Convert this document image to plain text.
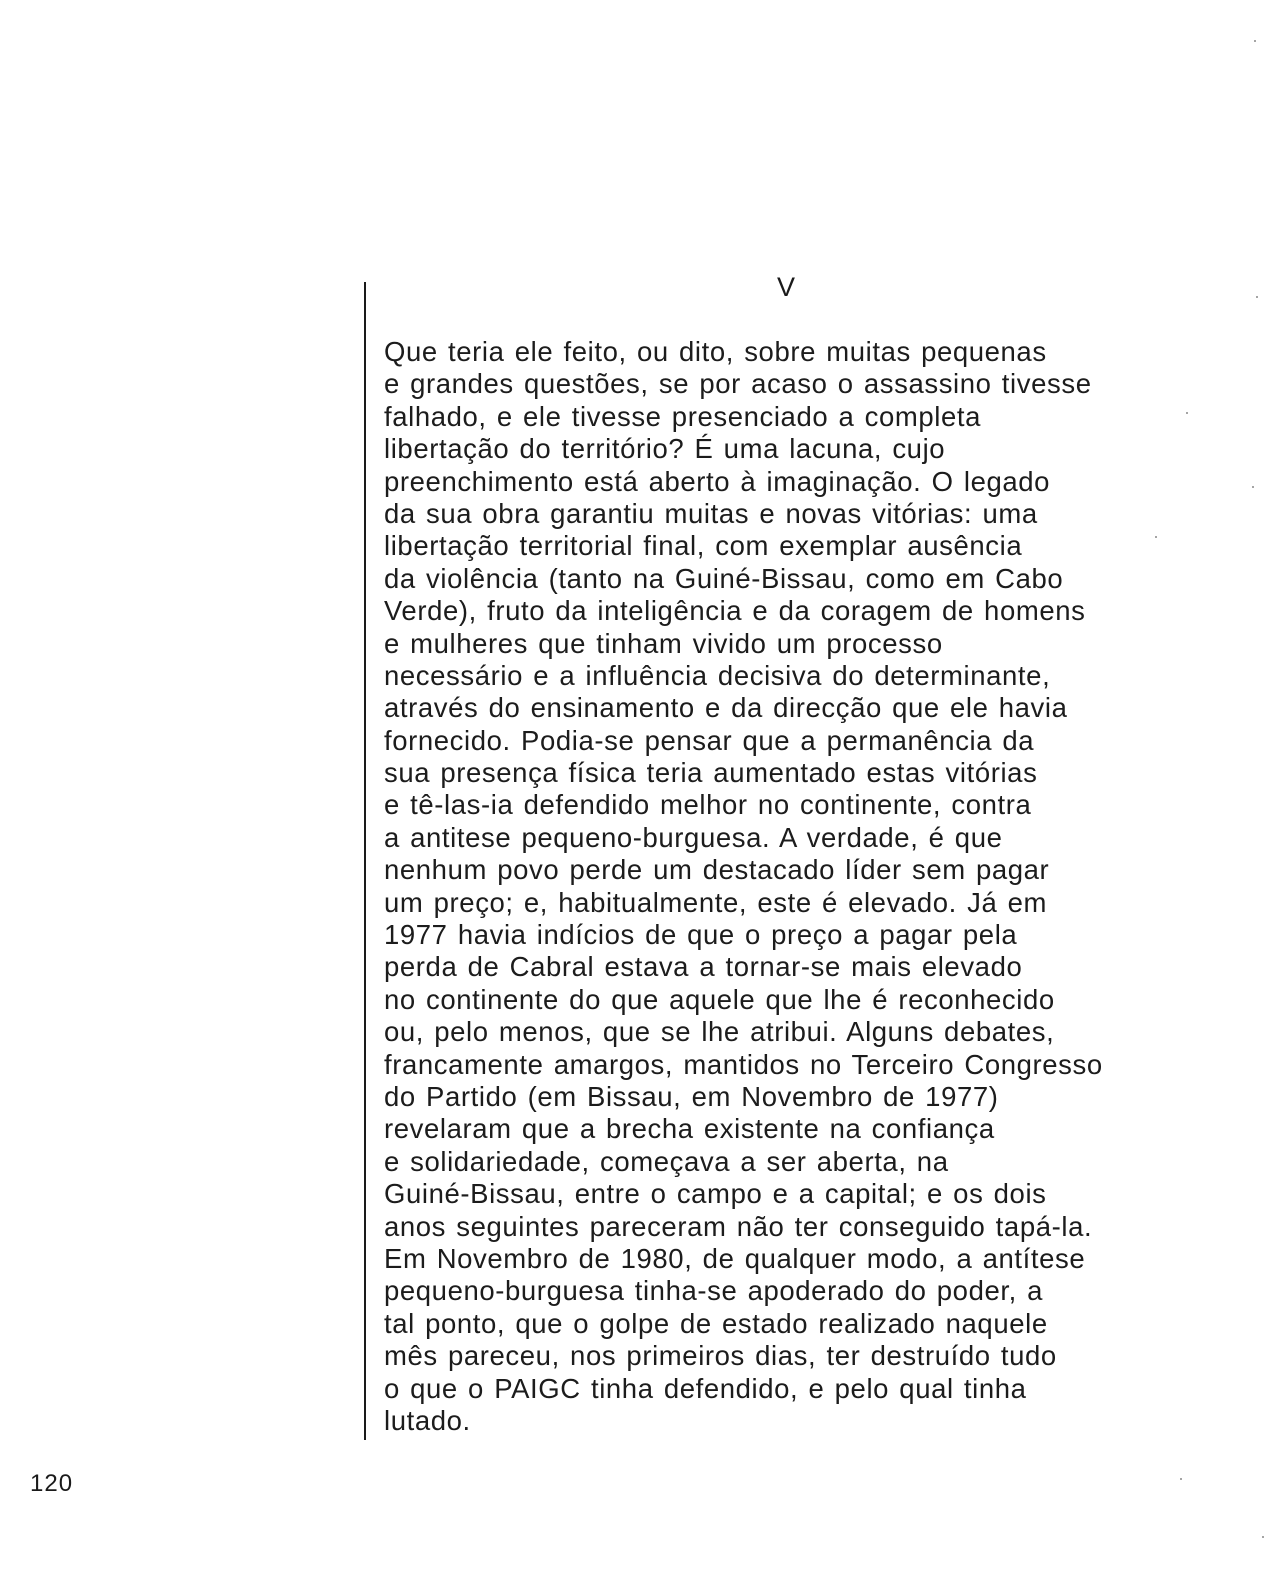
V
Que teria ele feito, ou dito, sobre muitas pequenas
e grandes questões, se por acaso o assassino tivesse
falhado, e ele tivesse presenciado a completa
libertação do território? É uma lacuna, cujo
preenchimento está aberto à imaginação. O legado
da sua obra garantiu muitas e novas vitórias: uma
libertação territorial final, com exemplar ausência
da violência (tanto na Guiné-Bissau, como em Cabo
Verde), fruto da inteligência e da coragem de homens
e mulheres que tinham vivido um processo
necessário e a influência decisiva do determinante,
através do ensinamento e da direcção que ele havia
fornecido. Podia-se pensar que a permanência da
sua presença física teria aumentado estas vitórias
e tê-las-ia defendido melhor no continente, contra
a antitese pequeno-burguesa. A verdade, é que
nenhum povo perde um destacado líder sem pagar
um preço; e, habitualmente, este é elevado. Já em
1977 havia indícios de que o preço a pagar pela
perda de Cabral estava a tornar-se mais elevado
no continente do que aquele que lhe é reconhecido
ou, pelo menos, que se lhe atribui. Alguns debates,
francamente amargos, mantidos no Terceiro Congresso
do Partido (em Bissau, em Novembro de 1977)
revelaram que a brecha existente na confiança
e solidariedade, começava a ser aberta, na
Guiné-Bissau, entre o campo e a capital; e os dois
anos seguintes pareceram não ter conseguido tapá-la.
Em Novembro de 1980, de qualquer modo, a antítese
pequeno-burguesa tinha-se apoderado do poder, a
tal ponto, que o golpe de estado realizado naquele
mês pareceu, nos primeiros dias, ter destruído tudo
o que o PAIGC tinha defendido, e pelo qual tinha
lutado.
120
